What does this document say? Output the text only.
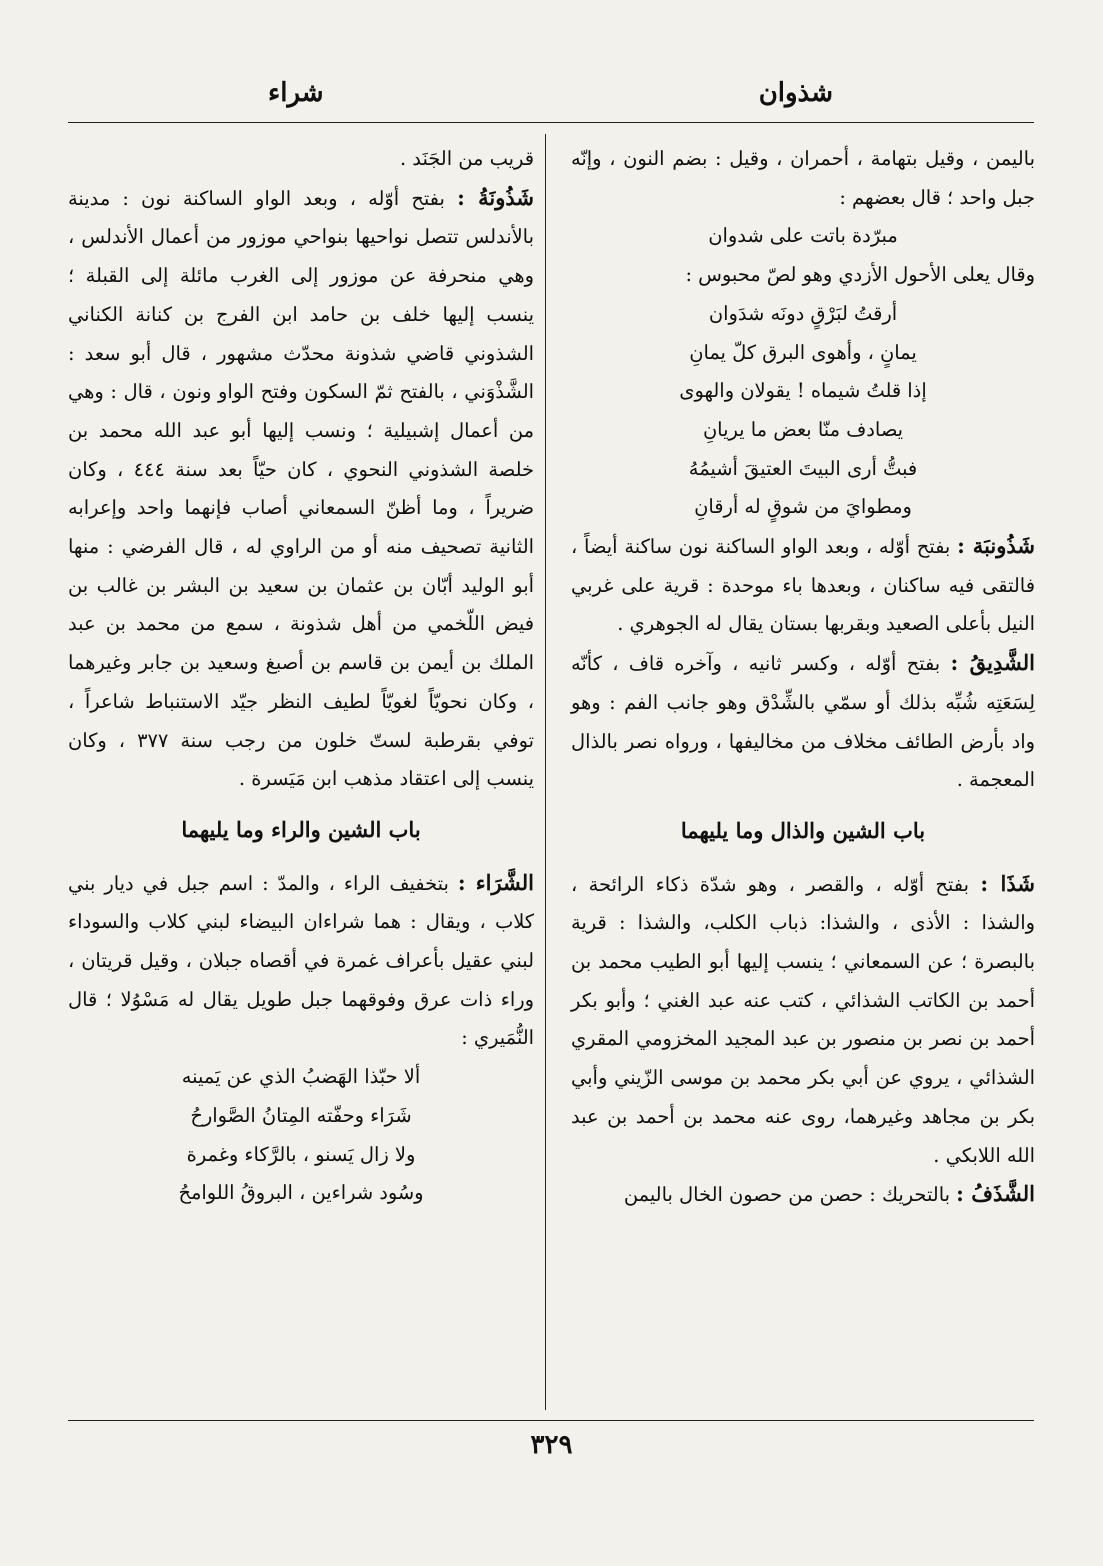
شذوان
شراء

باليمن ، وقيل بتهامة ، أحمران ، وقيل : بضم النون ، وإنّه جبل واحد ؛ قال بعضهم :

مبرّدة باتت على شدوان

وقال يعلى الأحول الأزدي وهو لصّ محبوس :

أرقتُ لبَرْقٍ دونَه شدَوان

يمانٍ ، وأهوى البرق كلّ يمانِ

إذا قلتُ شيماه ! يقولان والهوى

يصادف منّا بعض ما يريانِ

فبتُّ أرى البيتَ العتيقَ أشيمُهُ

ومطوايَ من شوقٍ له أرقانِ

شَذُونبَة : بفتح أوّله ، وبعد الواو الساكنة نون ساكنة أيضاً ، فالتقى فيه ساكنان ، وبعدها باء موحدة : قرية على غربي النيل بأعلى الصعيد وبقربها بستان يقال له الجوهري .

الشَّدِيقُ : بفتح أوّله ، وكسر ثانيه ، وآخره قاف ، كأنّه لِسَعَتِه شُبِّه بذلك أو سمّي بالشِّدْق وهو جانب الفم : وهو واد بأرض الطائف مخلاف من مخاليفها ، ورواه نصر بالذال المعجمة .

باب الشين والذال وما يليهما

شَذَا : بفتح أوّله ، والقصر ، وهو شدّة ذكاء الرائحة ، والشذا : الأذى ، والشذا: ذباب الكلب، والشذا : قرية بالبصرة ؛ عن السمعاني ؛ ينسب إليها أبو الطيب محمد بن أحمد بن الكاتب الشذائي ، كتب عنه عبد الغني ؛ وأبو بكر أحمد بن نصر بن منصور بن عبد المجيد المخزومي المقري الشذائي ، يروي عن أبي بكر محمد بن موسى الزّيني وأبي بكر بن مجاهد وغيرهما، روى عنه محمد بن أحمد بن عبد الله اللابكي .

الشَّذَفُ : بالتحريك : حصن من حصون الخال باليمن

قريب من الجَنَد .

شَذُونَةُ : بفتح أوّله ، وبعد الواو الساكنة نون : مدينة بالأندلس تتصل نواحيها بنواحي موزور من أعمال الأندلس ، وهي منحرفة عن موزور إلى الغرب مائلة إلى القبلة ؛ ينسب إليها خلف بن حامد ابن الفرج بن كنانة الكناني الشذوني قاضي شذونة محدّث مشهور ، قال أبو سعد : الشَّذْوَني ، بالفتح ثمّ السكون وفتح الواو ونون ، قال : وهي من أعمال إشبيلية ؛ ونسب إليها أبو عبد الله محمد بن خلصة الشذوني النحوي ، كان حيّاً بعد سنة ٤٤٤ ، وكان ضريراً ، وما أظنّ السمعاني أصاب فإنهما واحد وإعرابه الثانية تصحيف منه أو من الراوي له ، قال الفرضي : منها أبو الوليد أبّان بن عثمان بن سعيد بن البشر بن غالب بن فيض اللّخمي من أهل شذونة ، سمع من محمد بن عبد الملك بن أيمن بن قاسم بن أصبغ وسعيد بن جابر وغيرهما ، وكان نحويّاً لغويّاً لطيف النظر جيّد الاستنباط شاعراً ، توفي بقرطبة لستّ خلون من رجب سنة ٣٧٧ ، وكان ينسب إلى اعتقاد مذهب ابن مَيَسرة .

باب الشين والراء وما يليهما

الشَّرَاء : بتخفيف الراء ، والمدّ : اسم جبل في ديار بني كلاب ، ويقال : هما شراءان البيضاء لبني كلاب والسوداء لبني عقيل بأعراف غمرة في أقصاه جبلان ، وقيل قريتان ، وراء ذات عرق وفوقهما جبل طويل يقال له مَسْوُلا ؛ قال النُّمَيري :

ألا حبّذا الهَضبُ الذي عن يَمينه

شَرَاء وحفّته المِتانُ الصَّوارحُ

ولا زال يَسنو ، بالرَّكاء وغمرة

وسُود شراءين ، البروقُ اللوامحُ

٣٢٩
